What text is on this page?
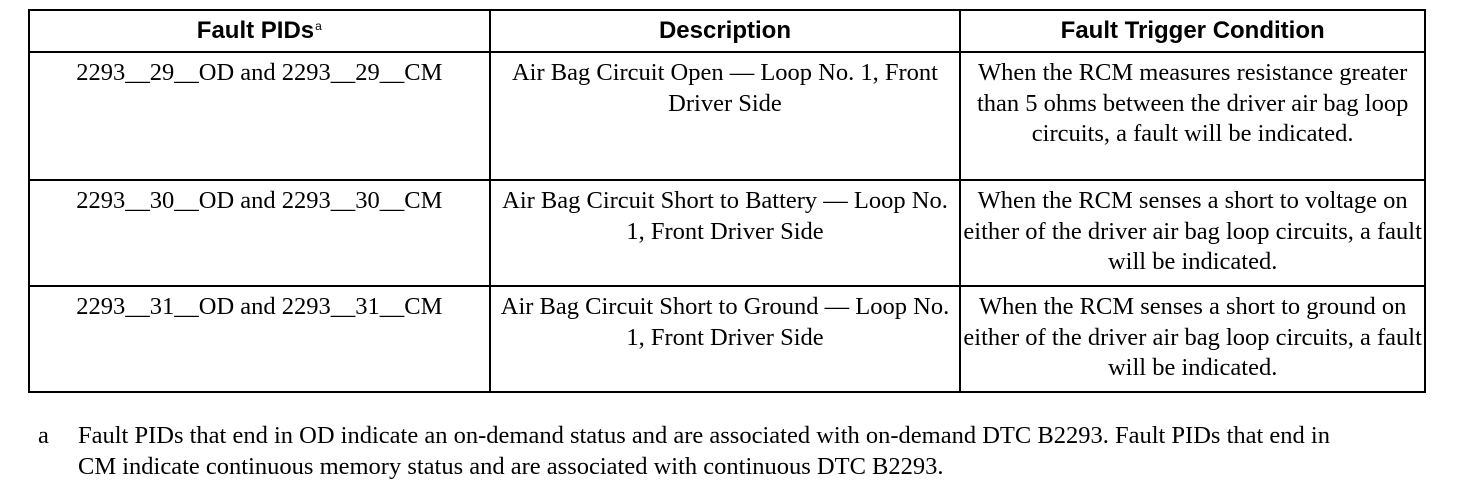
Fault PIDs$^a$	Description	Fault Trigger Condition
2293__29__OD and 2293__29__CM	Air Bag Circuit Open — Loop No. 1, Front Driver Side	When the RCM measures resistance greater than 5 ohms between the driver air bag loop circuits, a fault will be indicated.
2293__30__OD and 2293__30__CM	Air Bag Circuit Short to Battery — Loop No. 1, Front Driver Side	When the RCM senses a short to voltage on either of the driver air bag loop circuits, a fault will be indicated.
2293__31__OD and 2293__31__CM	Air Bag Circuit Short to Ground — Loop No. 1, Front Driver Side	When the RCM senses a short to ground on either of the driver air bag loop circuits, a fault will be indicated.
a	Fault PIDs that end in OD indicate an on-demand status and are associated with on-demand DTC B2293. Fault PIDs that end in CM indicate continuous memory status and are associated with continuous DTC B2293.
